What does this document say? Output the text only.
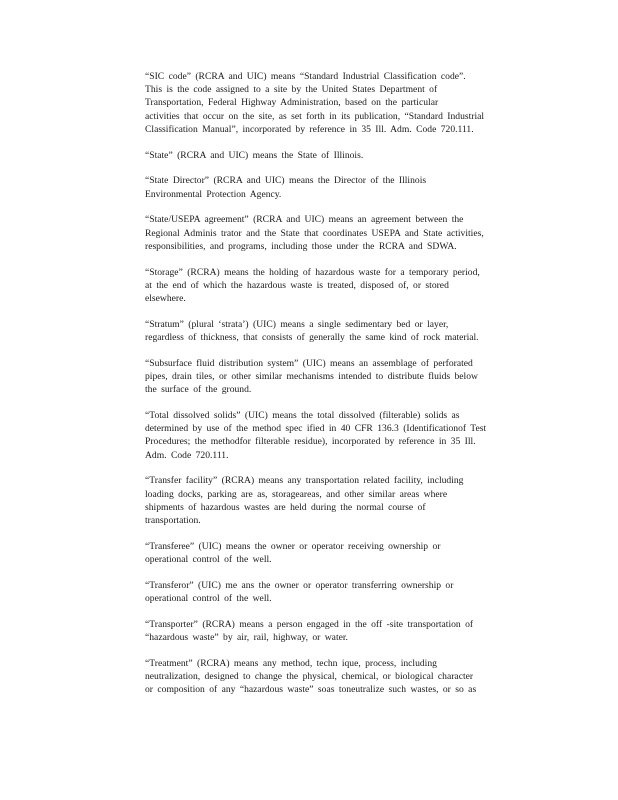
“SIC code” (RCRA and UIC) means “Standard Industrial Classification code”.
This is the code assigned to a site by the United States Department of
Transportation, Federal Highway Administration, based on the particular
activities that occur on the site, as set forth in its publication, “Standard Industrial
Classification Manual”, incorporated by reference in 35 Ill. Adm. Code 720.111.
“State” (RCRA and UIC) means the State of Illinois.
“State Director” (RCRA and UIC) means the Director of the Illinois
Environmental Protection Agency.
“State/USEPA agreement” (RCRA and UIC) means an agreement between the
Regional Adminis trator and the State that coordinates USEPA and State activities,
responsibilities, and programs, including those under the RCRA and SDWA.
“Storage” (RCRA) means the holding of hazardous waste for a temporary period,
at the end of which the hazardous waste is treated, disposed of, or stored
elsewhere.
“Stratum” (plural ‘strata’) (UIC) means a single sedimentary bed or layer,
regardless of thickness, that consists of generally the same kind of rock material.
“Subsurface fluid distribution system” (UIC) means an assemblage of perforated
pipes, drain tiles, or other similar mechanisms intended to distribute fluids below
the surface of the ground.
“Total dissolved solids” (UIC) means the total dissolved (filterable) solids as
determined by use of the method spec ified in 40 CFR 136.3 (Identificationof Test
Procedures; the methodfor filterable residue), incorporated by reference in 35 Ill.
Adm. Code 720.111.
“Transfer facility” (RCRA) means any transportation related facility, including
loading docks, parking are as, storageareas, and other similar areas where
shipments of hazardous wastes are held during the normal course of
transportation.
“Transferee” (UIC) means the owner or operator receiving ownership or
operational control of the well.
“Transferor” (UIC) me ans the owner or operator transferring ownership or
operational control of the well.
“Transporter” (RCRA) means a person engaged in the off -site transportation of
“hazardous waste” by air, rail, highway, or water.
“Treatment” (RCRA) means any method, techn ique, process, including
neutralization, designed to change the physical, chemical, or biological character
or composition of any “hazardous waste” soas toneutralize such wastes, or so as
